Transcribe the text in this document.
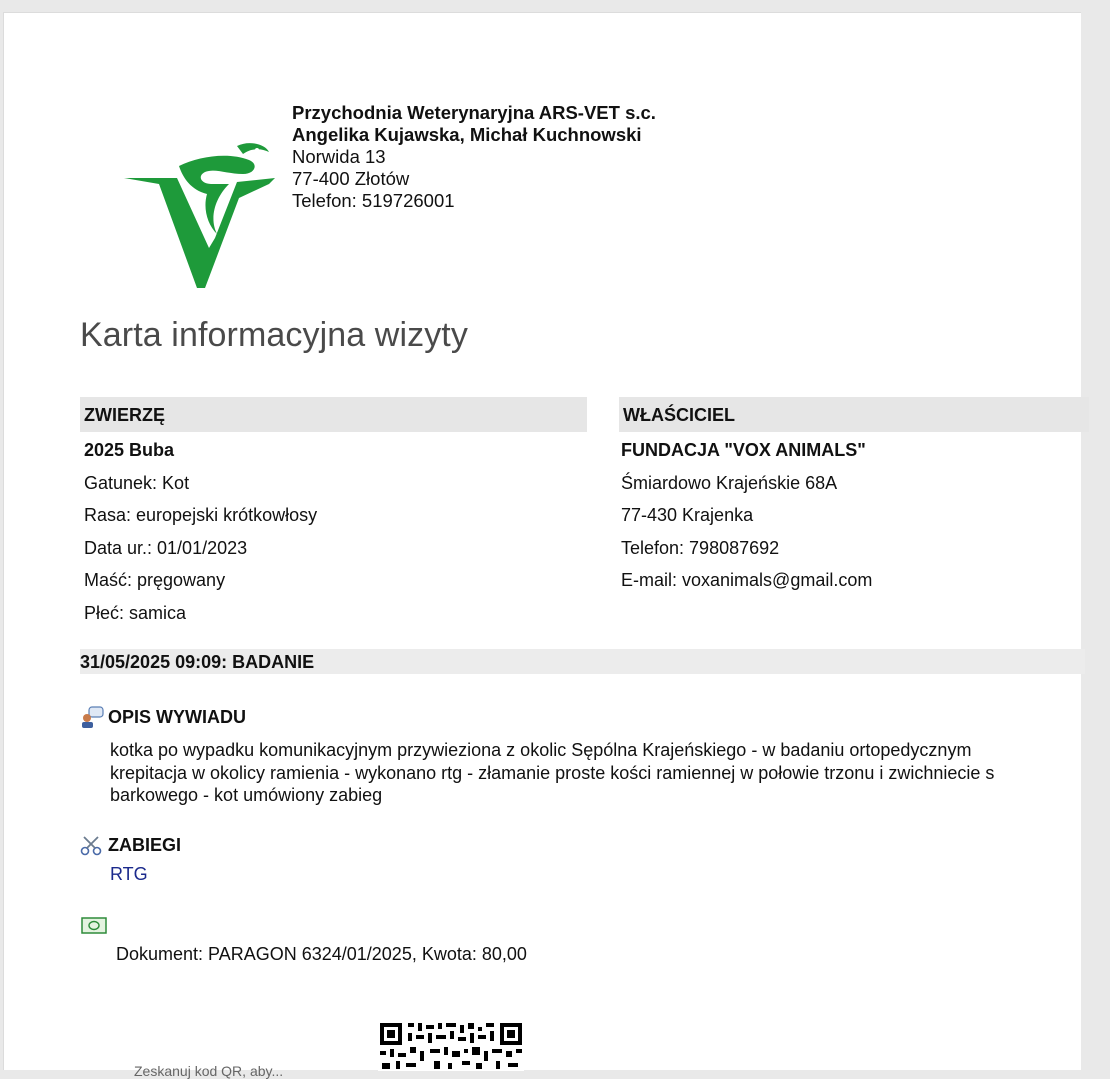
Przychodnia Weterynaryjna ARS-VET s.c.
Angelika Kujawska, Michał Kuchnowski
Norwida 13
77-400 Złotów
Telefon: 519726001
Karta informacyjna wizyty
ZWIERZĘ	WŁAŚCICIEL
2025 Buba
Gatunek: Kot
Rasa: europejski krótkowłosy
Data ur.: 01/01/2023
Maść: pręgowany
Płeć: samica
FUNDACJA "VOX ANIMALS"
Śmiardowo Krajeńskie 68A
77-430 Krajenka
Telefon: 798087692
E-mail: voxanimals@gmail.com
31/05/2025 09:09: BADANIE
OPIS WYWIADU
kotka po wypadku komunikacyjnym przywieziona z okolic Sępólna Krajeńskiego - w badaniu ortopedycznym
krepitacja w okolicy ramienia - wykonano rtg - złamanie proste kości ramiennej w połowie trzonu i zwichniecie s
barkowego - kot umówiony zabieg
ZABIEGI
RTG
Dokument: PARAGON 6324/01/2025, Kwota: 80,00
Zeskanuj kod QR, aby...
